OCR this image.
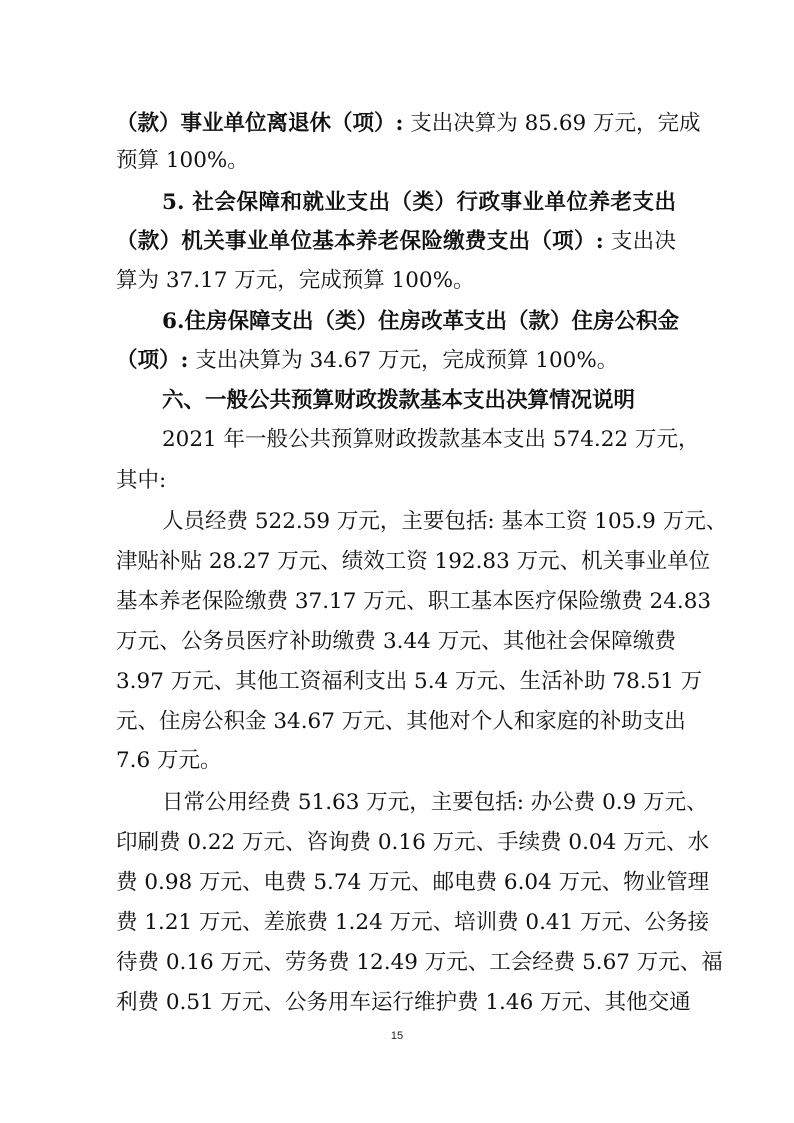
（款）事业单位离退休（项）: 支出决算为 85.69 万元，完成
预算 100%。
5. 社会保障和就业支出（类）行政事业单位养老支出
（款）机关事业单位基本养老保险缴费支出（项）: 支出决
算为 37.17 万元，完成预算 100%。
6.住房保障支出（类）住房改革支出（款）住房公积金
（项）: 支出决算为 34.67 万元，完成预算 100%。
六、一般公共预算财政拨款基本支出决算情况说明
2021 年一般公共预算财政拨款基本支出 574.22 万元，
其中:
人员经费 522.59 万元，主要包括: 基本工资 105.9 万元、
津贴补贴 28.27 万元、绩效工资 192.83 万元、机关事业单位
基本养老保险缴费 37.17 万元、职工基本医疗保险缴费 24.83
万元、公务员医疗补助缴费 3.44 万元、其他社会保障缴费
3.97 万元、其他工资福利支出 5.4 万元、生活补助 78.51 万
元、住房公积金 34.67 万元、其他对个人和家庭的补助支出
7.6 万元。
日常公用经费 51.63 万元，主要包括: 办公费 0.9 万元、
印刷费 0.22 万元、咨询费 0.16 万元、手续费 0.04 万元、水
费 0.98 万元、电费 5.74 万元、邮电费 6.04 万元、物业管理
费 1.21 万元、差旅费 1.24 万元、培训费 0.41 万元、公务接
待费 0.16 万元、劳务费 12.49 万元、工会经费 5.67 万元、福
利费 0.51 万元、公务用车运行维护费 1.46 万元、其他交通
15
